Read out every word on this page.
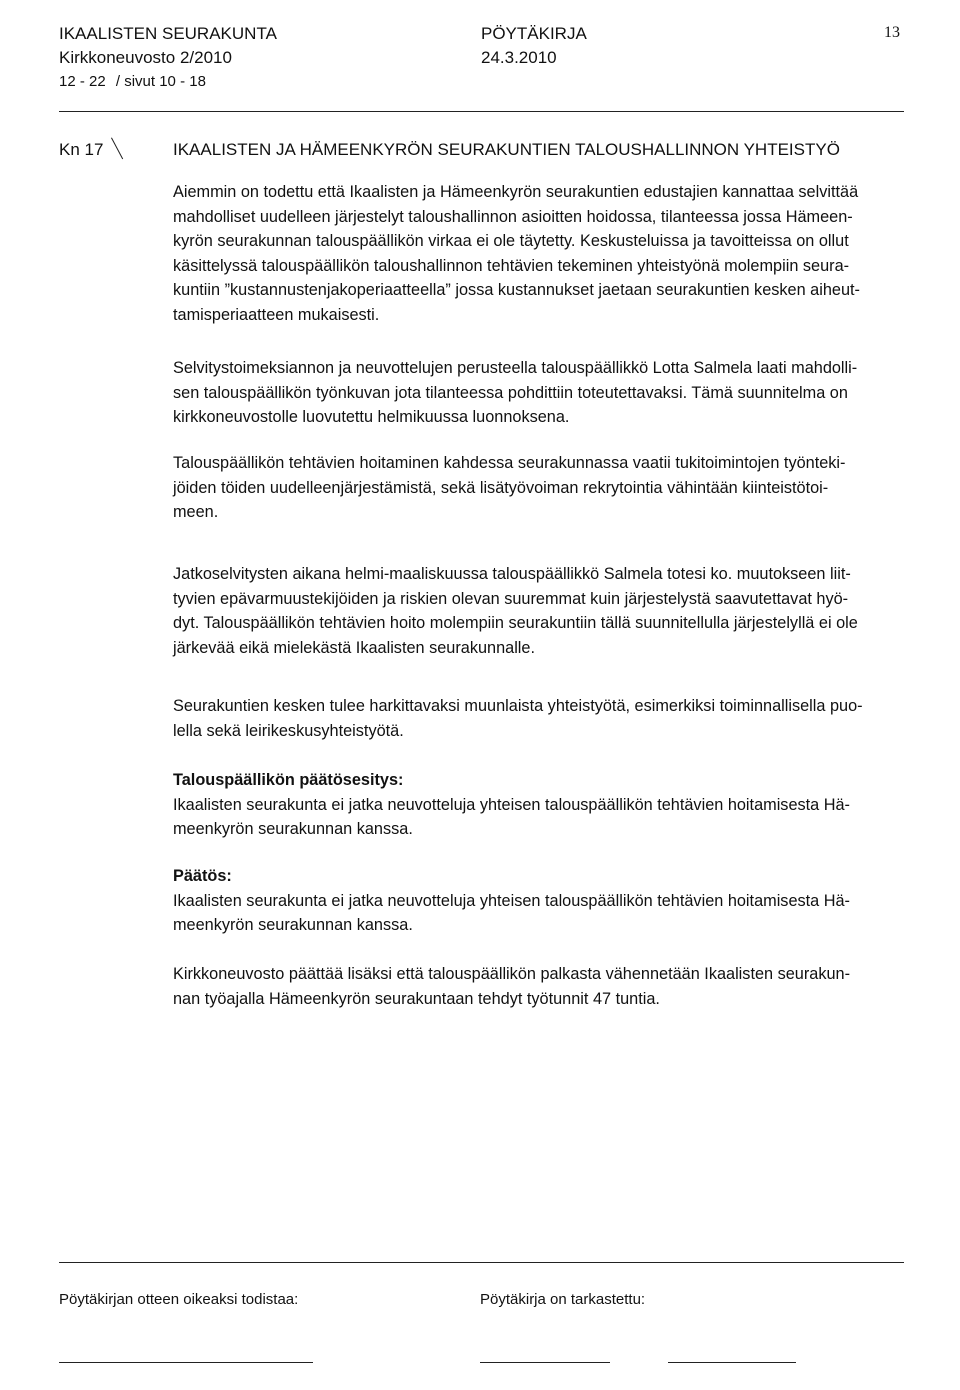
IKAALISTEN SEURAKUNTA	PÖYTÄKIRJA	13
Kirkkoneuvosto 2/2010	24.3.2010
12 - 22 / sivut 10 - 18
Kn 17	IKAALISTEN JA HÄMEENKYRÖN SEURAKUNTIEN TALOUSHALLINNON YHTEISTYÖ
Aiemmin on todettu että Ikaalisten ja Hämeenkyrön seurakuntien edustajien kannattaa selvittää
mahdolliset uudelleen järjestelyt taloushallinnon asioitten hoidossa, tilanteessa jossa Hämeen-
kyrön seurakunnan talouspäällikön virkaa ei ole täytetty. Keskusteluissa ja tavoitteissa on ollut
käsittelyssä talouspäällikön taloushallinnon tehtävien tekeminen yhteistyönä molempiin seura-
kuntiin ”kustannustenjakoperiaatteella” jossa kustannukset jaetaan seurakuntien kesken aiheut-
tamisperiaatteen mukaisesti.
Selvitystoimeksiannon ja neuvottelujen perusteella talouspäällikkö Lotta Salmela laati mahdolli-
sen talouspäällikön työnkuvan jota tilanteessa pohdittiin toteutettavaksi. Tämä suunnitelma on
kirkkoneuvostolle luovutettu helmikuussa luonnoksena.
Talouspäällikön tehtävien hoitaminen kahdessa seurakunnassa vaatii tukitoimintojen työnteki-
jöiden töiden uudelleenjärjestämistä, sekä lisätyövoiman rekrytointia vähintään kiinteistötoi-
meen.
Jatkoselvitysten aikana helmi-maaliskuussa talouspäällikkö Salmela totesi ko. muutokseen liit-
tyvien epävarmuustekijöiden ja riskien olevan suuremmat kuin järjestelystä saavutettavat hyö-
dyt. Talouspäällikön tehtävien hoito molempiin seurakuntiin tällä suunnitellulla järjestelyllä ei ole
järkevää eikä mielekästä Ikaalisten seurakunnalle.
Seurakuntien kesken tulee harkittavaksi muunlaista yhteistyötä, esimerkiksi toiminnallisella puo-
lella sekä leirikeskusyhteistyötä.
Talouspäällikön päätösesitys:
Ikaalisten seurakunta ei jatka neuvotteluja yhteisen talouspäällikön tehtävien hoitamisesta Hä-
meenkyrön seurakunnan kanssa.
Päätös:
Ikaalisten seurakunta ei jatka neuvotteluja yhteisen talouspäällikön tehtävien hoitamisesta Hä-
meenkyrön seurakunnan kanssa.
Kirkkoneuvosto päättää lisäksi että talouspäällikön palkasta vähennetään Ikaalisten seurakun-
nan työajalla Hämeenkyrön seurakuntaan tehdyt työtunnit 47 tuntia.
Pöytäkirjan otteen oikeaksi todistaa:	Pöytäkirja on tarkastettu:
